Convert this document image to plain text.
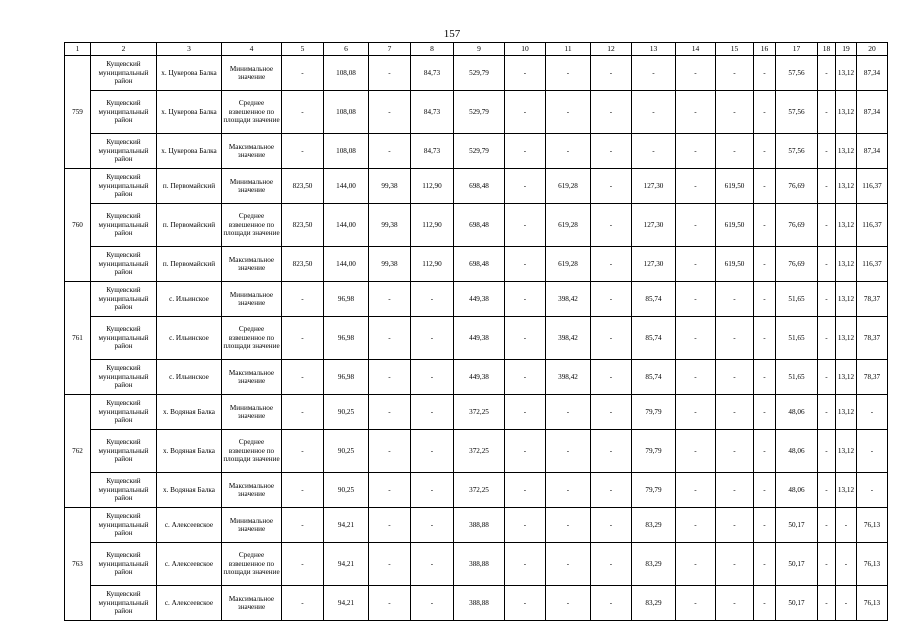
157
1	2	3	4	5	6	7	8	9	10	11	12	13	14	15	16	17	18	19	20
759	Кущевский муниципальный район	х. Цукерова Балка	Минимальное значение	-	108,08	-	84,73	529,79	-	-	-	-	-	-	-	57,56	-	13,12	87,34
	Кущевский муниципальный район	х. Цукерова Балка	Среднее взвешенное по площади значение	-	108,08	-	84,73	529,79	-	-	-	-	-	-	-	57,56	-	13,12	87,34
	Кущевский муниципальный район	х. Цукерова Балка	Максимальное значение	-	108,08	-	84,73	529,79	-	-	-	-	-	-	-	57,56	-	13,12	87,34
760	Кущевский муниципальный район	п. Первомайский	Минимальное значение	823,50	144,00	99,38	112,90	698,48	-	619,28	-	127,30	-	619,50	-	76,69	-	13,12	116,37
	Кущевский муниципальный район	п. Первомайский	Среднее взвешенное по площади значение	823,50	144,00	99,38	112,90	698,48	-	619,28	-	127,30	-	619,50	-	76,69	-	13,12	116,37
	Кущевский муниципальный район	п. Первомайский	Максимальное значение	823,50	144,00	99,38	112,90	698,48	-	619,28	-	127,30	-	619,50	-	76,69	-	13,12	116,37
761	Кущевский муниципальный район	с. Ильинское	Минимальное значение	-	96,98	-	-	449,38	-	398,42	-	85,74	-	-	-	51,65	-	13,12	78,37
	Кущевский муниципальный район	с. Ильинское	Среднее взвешенное по площади значение	-	96,98	-	-	449,38	-	398,42	-	85,74	-	-	-	51,65	-	13,12	78,37
	Кущевский муниципальный район	с. Ильинское	Максимальное значение	-	96,98	-	-	449,38	-	398,42	-	85,74	-	-	-	51,65	-	13,12	78,37
762	Кущевский муниципальный район	х. Водяная Балка	Минимальное значение	-	90,25	-	-	372,25	-	-	-	79,79	-	-	-	48,06	-	13,12	-
	Кущевский муниципальный район	х. Водяная Балка	Среднее взвешенное по площади значение	-	90,25	-	-	372,25	-	-	-	79,79	-	-	-	48,06	-	13,12	-
	Кущевский муниципальный район	х. Водяная Балка	Максимальное значение	-	90,25	-	-	372,25	-	-	-	79,79	-	-	-	48,06	-	13,12	-
763	Кущевский муниципальный район	с. Алексеевское	Минимальное значение	-	94,21	-	-	388,88	-	-	-	83,29	-	-	-	50,17	-	-	76,13
	Кущевский муниципальный район	с. Алексеевское	Среднее взвешенное по площади значение	-	94,21	-	-	388,88	-	-	-	83,29	-	-	-	50,17	-	-	76,13
	Кущевский муниципальный район	с. Алексеевское	Максимальное значение	-	94,21	-	-	388,88	-	-	-	83,29	-	-	-	50,17	-	-	76,13
